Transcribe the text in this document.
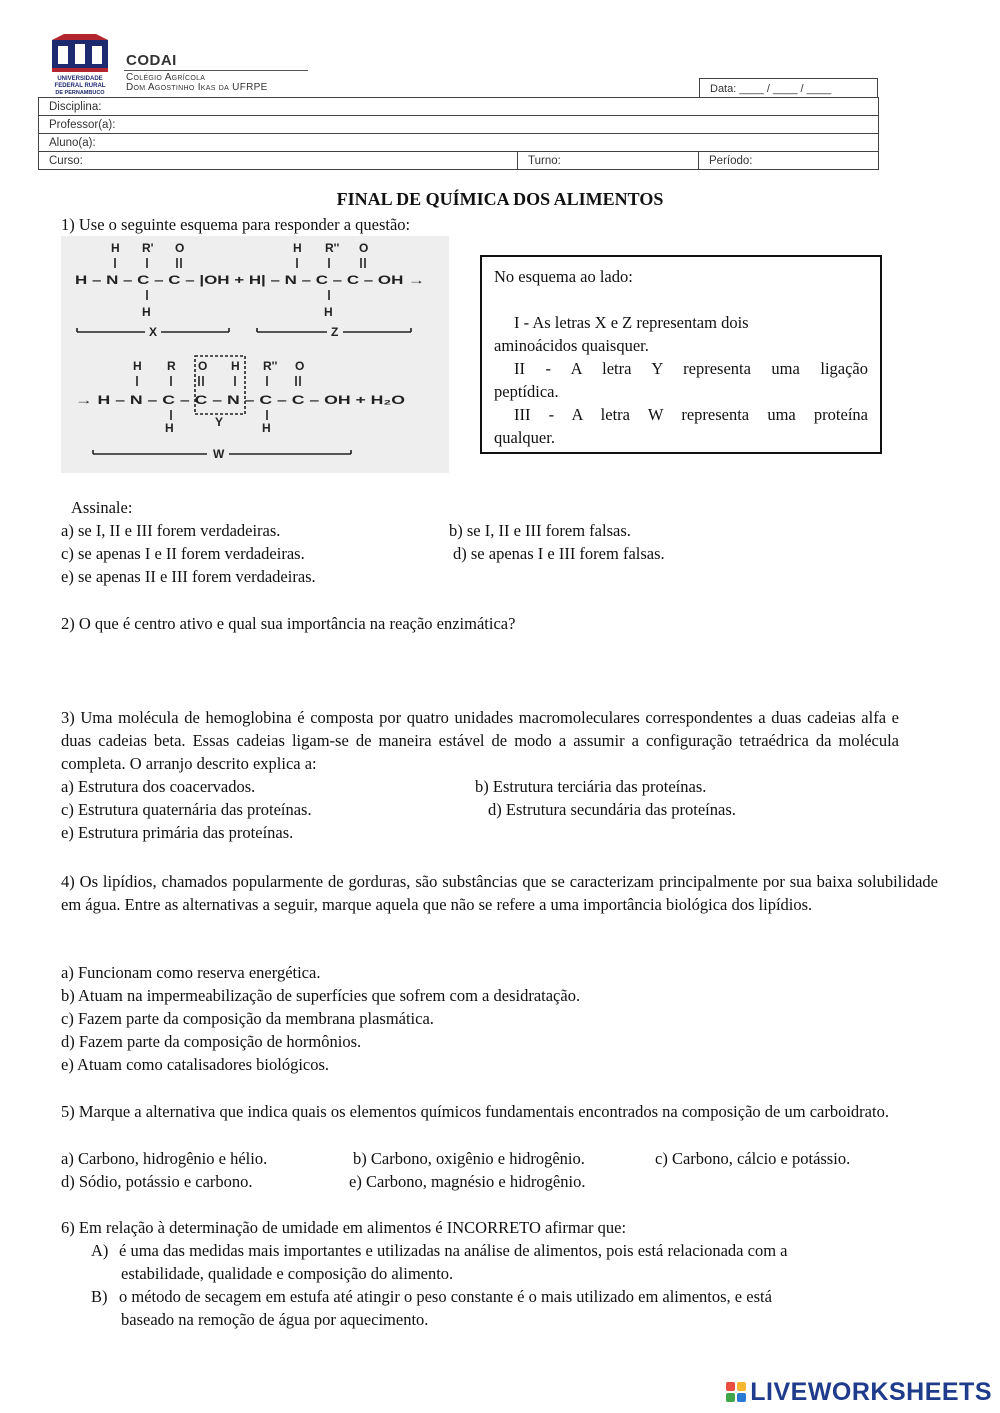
UNIVERSIDADE
FEDERAL RURAL
DE PERNAMBUCO
CODAI
Colégio Agrícola
Dom Agostinho Ikas da UFRPE	Data: ____ / ____ / ____
Disciplina:
Professor(a):
Aluno(a):
Curso:	Turno:	Período:
FINAL DE QUÍMICA DOS ALIMENTOS
1) Use o seguinte esquema para responder a questão:
H R' O	H R'' O
H – N – C – C – |OH + H| – N – C – C – OH →
H	H
X	Z
H R O H R'' O
→ H – N – C – C – N – C – C – OH + H₂O
Y
H	H
W
No esquema ao lado:
I - As letras X e Z representam dois
aminoácidos quaisquer.
II - A letra Y representa uma ligação
peptídica.
III - A letra W representa uma proteína
qualquer.
Assinale:
a) se I, II e III forem verdadeiras.	b) se I, II e III forem falsas.
c) se apenas I e II forem verdadeiras.	d) se apenas I e III forem falsas.
e) se apenas II e III forem verdadeiras.
2) O que é centro ativo e qual sua importância na reação enzimática?
3) Uma molécula de hemoglobina é composta por quatro unidades macromoleculares correspondentes a duas cadeias alfa e duas cadeias beta. Essas cadeias ligam-se de maneira estável de modo a assumir a configuração tetraédrica da molécula completa. O arranjo descrito explica a:
a) Estrutura dos coacervados.	b) Estrutura terciária das proteínas.
c) Estrutura quaternária das proteínas.	d) Estrutura secundária das proteínas.
e) Estrutura primária das proteínas.
4) Os lipídios, chamados popularmente de gorduras, são substâncias que se caracterizam principalmente por sua baixa solubilidade em água. Entre as alternativas a seguir, marque aquela que não se refere a uma importância biológica dos lipídios.
a) Funcionam como reserva energética.
b) Atuam na impermeabilização de superfícies que sofrem com a desidratação.
c) Fazem parte da composição da membrana plasmática.
d) Fazem parte da composição de hormônios.
e) Atuam como catalisadores biológicos.
5) Marque a alternativa que indica quais os elementos químicos fundamentais encontrados na composição de um carboidrato.
a) Carbono, hidrogênio e hélio.	b) Carbono, oxigênio e hidrogênio.	c) Carbono, cálcio e potássio.
d) Sódio, potássio e carbono.	e) Carbono, magnésio e hidrogênio.
6) Em relação à determinação de umidade em alimentos é INCORRETO afirmar que:
A) é uma das medidas mais importantes e utilizadas na análise de alimentos, pois está relacionada com a
estabilidade, qualidade e composição do alimento.
B) o método de secagem em estufa até atingir o peso constante é o mais utilizado em alimentos, e está
baseado na remoção de água por aquecimento.
LIVEWORKSHEETS
